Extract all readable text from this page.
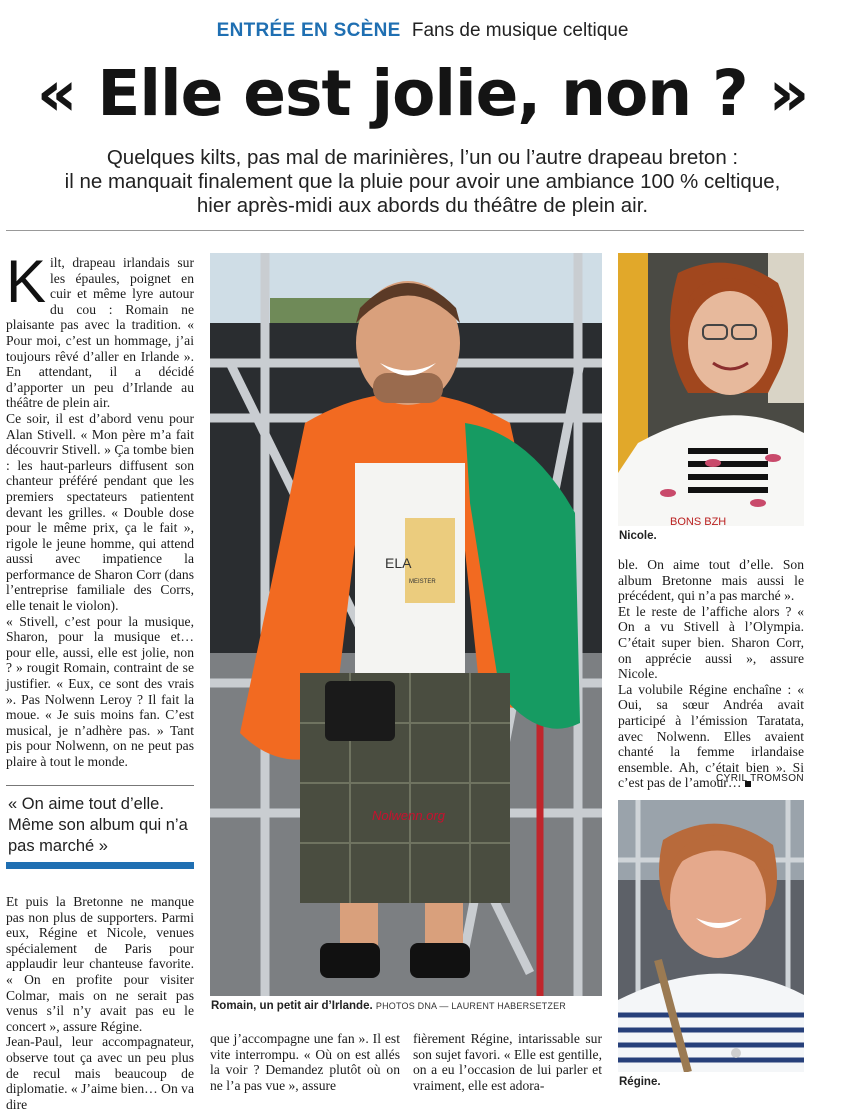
ENTRÉE EN SCÈNE Fans de musique celtique
« Elle est jolie, non ? »
Quelques kilts, pas mal de marinières, l’un ou l’autre drapeau breton :
il ne manquait finalement que la pluie pour avoir une ambiance 100 % celtique,
hier après-midi aux abords du théâtre de plein air.

Kilt, drapeau irlandais sur les épaules, poignet en cuir et même lyre autour du cou : Romain ne plaisante pas avec la tradition. « Pour moi, c’est un hommage, j’ai toujours rêvé d’aller en Irlande ». En attendant, il a décidé d’apporter un peu d’Irlande au théâtre de plein air.

Ce soir, il est d’abord venu pour Alan Stivell. « Mon père m’a fait découvrir Stivell. » Ça tombe bien : les haut-parleurs diffusent son chanteur préféré pendant que les premiers spectateurs patientent devant les grilles. « Double dose pour le même prix, ça le fait », rigole le jeune homme, qui attend aussi avec impatience la performance de Sharon Corr (dans l’entreprise familiale des Corrs, elle tenait le violon).

« Stivell, c’est pour la musique, Sharon, pour la musique et… pour elle, aussi, elle est jolie, non ? » rougit Romain, contraint de se justifier. « Eux, ce sont des vrais ». Pas Nolwenn Leroy ? Il fait la moue. « Je suis moins fan. C’est musical, je n’adhère pas. » Tant pis pour Nolwenn, on ne peut pas plaire à tout le monde.

« On aime tout d’elle. Même son album qui n’a pas marché »

Et puis la Bretonne ne manque pas non plus de supporters. Parmi eux, Régine et Nicole, venues spécialement de Paris pour applaudir leur chanteuse favorite. « On en profite pour visiter Colmar, mais on ne serait pas venus s’il n’y avait pas eu le concert », assure Régine.

Jean-Paul, leur accompagnateur, observe tout ça avec un peu plus de recul mais beaucoup de diplomatie. « J’aime bien… On va dire

ELA
MEISTER
Nolwenn.org
Romain, un petit air d’Irlande. PHOTOS DNA — LAURENT HABERSETZER

que j’accompagne une fan ». Il est vite interrompu. « Où on est allés la voir ? Demandez plutôt où on ne l’a pas vue », assure

fièrement Régine, intarissable sur son sujet favori. « Elle est gentille, on a eu l’occasion de lui parler et vraiment, elle est adora-

BONS BZH
Nicole.

ble. On aime tout d’elle. Son album Bretonne mais aussi le précédent, qui n’a pas marché ».

Et le reste de l’affiche alors ? « On a vu Stivell à l’Olympia. C’était super bien. Sharon Corr, on apprécie aussi », assure Nicole.

La volubile Régine enchaîne : « Oui, sa sœur Andréa avait participé à l’émission Taratata, avec Nolwenn. Elles avaient chanté la femme irlandaise ensemble. Ah, c’était bien ». Si c’est pas de l’amour…

CYRIL TROMSON
Régine.
